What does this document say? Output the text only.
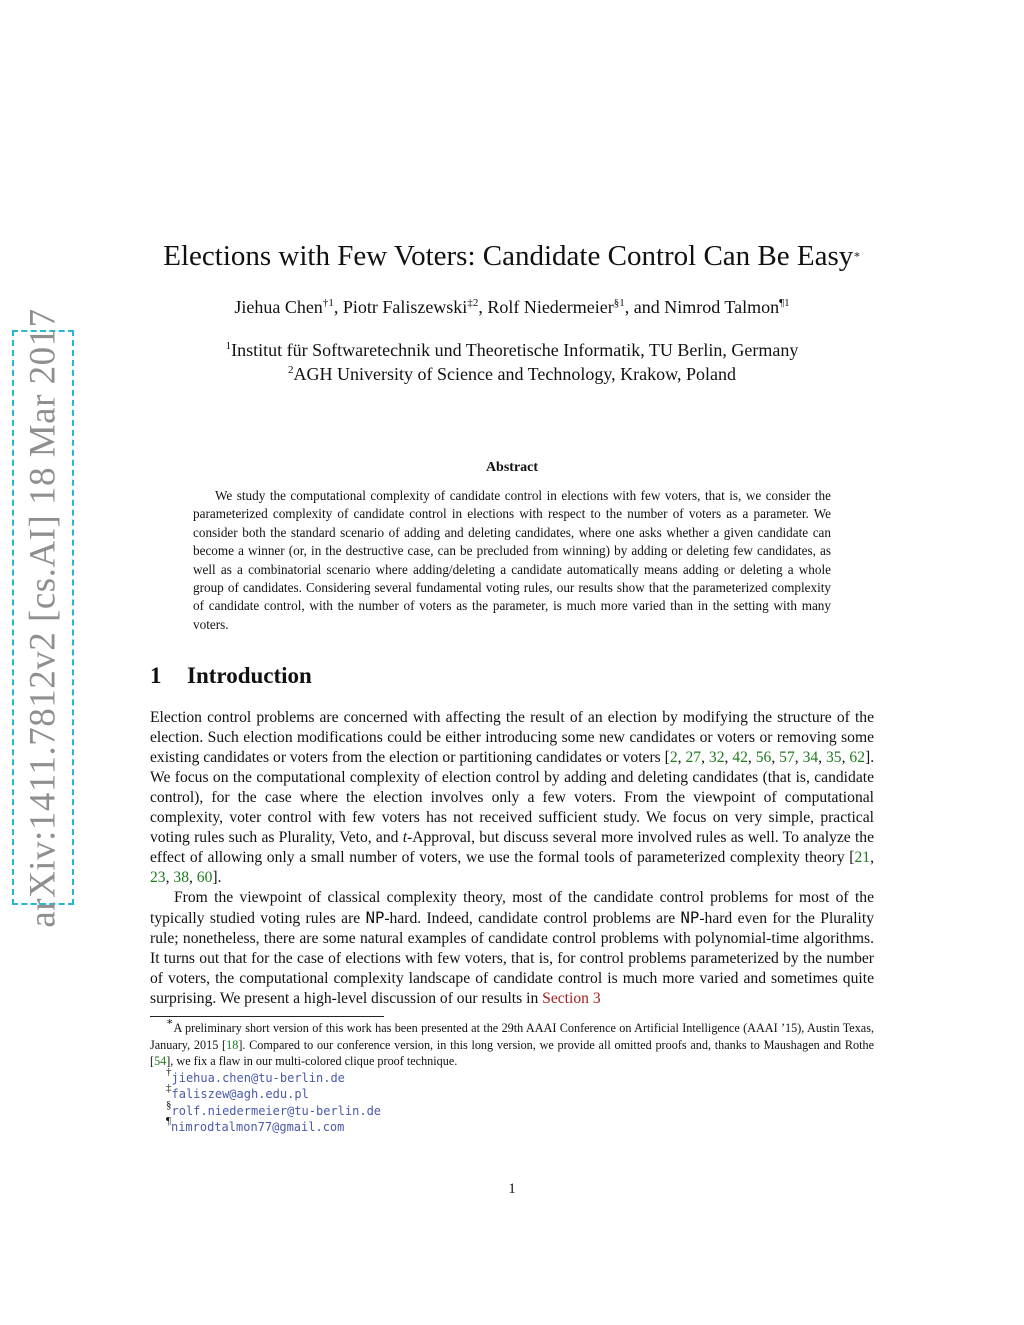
arXiv:1411.7812v2 [cs.AI] 18 Mar 2017
Elections with Few Voters: Candidate Control Can Be Easy∗
Jiehua Chen$^{\dagger 1}$, Piotr Faliszewski$^{\ddagger 2}$, Rolf Niedermeier$^{\S 1}$, and Nimrod Talmon$^{\P 1}$
$^1$Institut für Softwaretechnik und Theoretische Informatik, TU Berlin, Germany
$^2$AGH University of Science and Technology, Krakow, Poland
Abstract

We study the computational complexity of candidate control in elections with few voters, that is, we consider the parameterized complexity of candidate control in elections with respect to the number of voters as a parameter. We consider both the standard scenario of adding and deleting candidates, where one asks whether a given candidate can become a winner (or, in the destructive case, can be precluded from winning) by adding or deleting few candidates, as well as a combinatorial scenario where adding/deleting a candidate automatically means adding or deleting a whole group of candidates. Considering several fundamental voting rules, our results show that the parameterized complexity of candidate control, with the number of voters as the parameter, is much more varied than in the setting with many voters.

1 Introduction

Election control problems are concerned with affecting the result of an election by modifying the structure of the election. Such election modifications could be either introducing some new candidates or voters or removing some existing candidates or voters from the election or partitioning candidates or voters [2, 27, 32, 42, 56, 57, 34, 35, 62]. We focus on the computational complexity of election control by adding and deleting candidates (that is, candidate control), for the case where the election involves only a few voters. From the viewpoint of computational complexity, voter control with few voters has not received sufficient study. We focus on very simple, practical voting rules such as Plurality, Veto, and t-Approval, but discuss several more involved rules as well. To analyze the effect of allowing only a small number of voters, we use the formal tools of parameterized complexity theory [21, 23, 38, 60].

From the viewpoint of classical complexity theory, most of the candidate control problems for most of the typically studied voting rules are NP-hard. Indeed, candidate control problems are NP-hard even for the Plurality rule; nonetheless, there are some natural examples of candidate control problems with polynomial-time algorithms. It turns out that for the case of elections with few voters, that is, for control problems parameterized by the number of voters, the computational complexity landscape of candidate control is much more varied and sometimes quite surprising. We present a high-level discussion of our results in Section 3

∗A preliminary short version of this work has been presented at the 29th AAAI Conference on Artificial Intelligence (AAAI ’15), Austin Texas, January, 2015 [18]. Compared to our conference version, in this long version, we provide all omitted proofs and, thanks to Maushagen and Rothe [54], we fix a flaw in our multi-colored clique proof technique.

†jiehua.chen@tu-berlin.de

‡faliszew@agh.edu.pl

§rolf.niedermeier@tu-berlin.de

¶nimrodtalmon77@gmail.com

1
